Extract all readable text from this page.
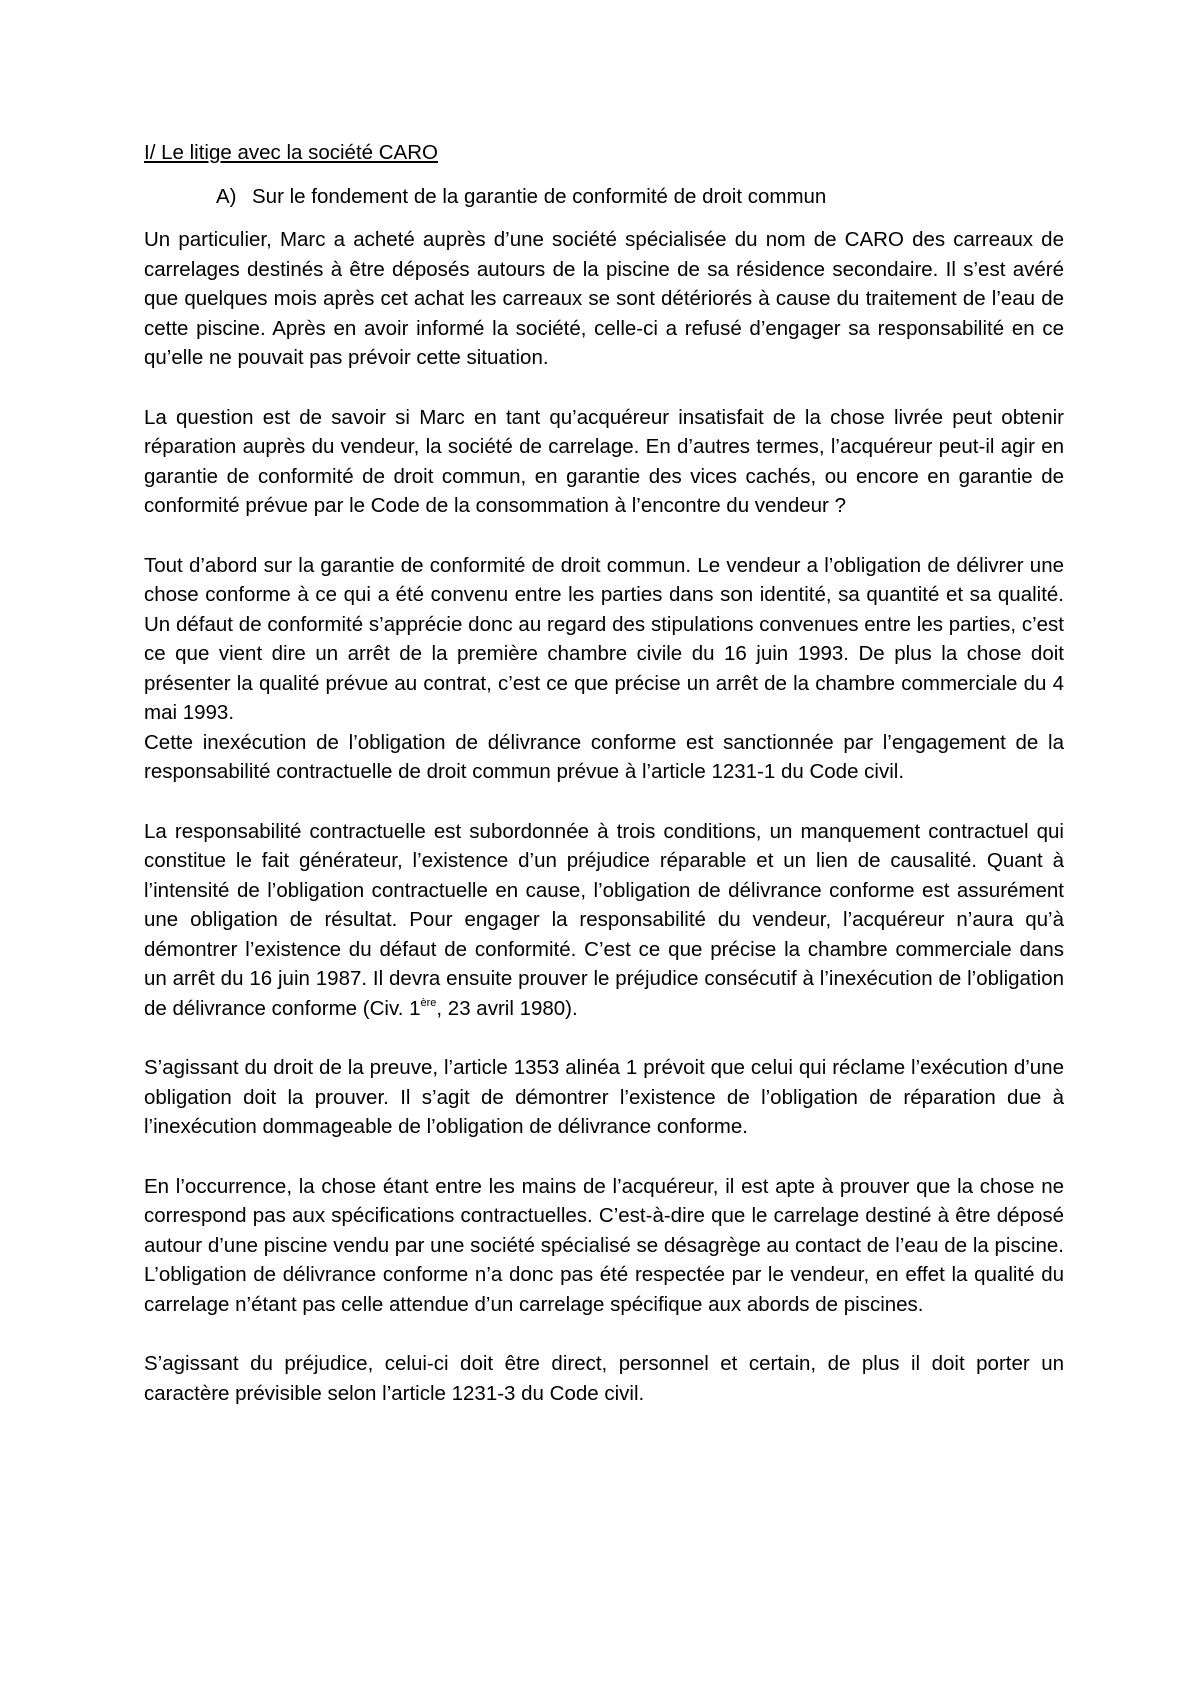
I/ Le litige avec la société CARO
A) Sur le fondement de la garantie de conformité de droit commun

Un particulier, Marc a acheté auprès d’une société spécialisée du nom de CARO des carreaux de carrelages destinés à être déposés autours de la piscine de sa résidence secondaire. Il s’est avéré que quelques mois après cet achat les carreaux se sont détériorés à cause du traitement de l’eau de cette piscine. Après en avoir informé la société, celle-ci a refusé d’engager sa responsabilité en ce qu’elle ne pouvait pas prévoir cette situation.

La question est de savoir si Marc en tant qu’acquéreur insatisfait de la chose livrée peut obtenir réparation auprès du vendeur, la société de carrelage. En d’autres termes, l’acquéreur peut-il agir en garantie de conformité de droit commun, en garantie des vices cachés, ou encore en garantie de conformité prévue par le Code de la consommation à l’encontre du vendeur ?

Tout d’abord sur la garantie de conformité de droit commun. Le vendeur a l’obligation de délivrer une chose conforme à ce qui a été convenu entre les parties dans son identité, sa quantité et sa qualité. Un défaut de conformité s’apprécie donc au regard des stipulations convenues entre les parties, c’est ce que vient dire un arrêt de la première chambre civile du 16 juin 1993. De plus la chose doit présenter la qualité prévue au contrat, c’est ce que précise un arrêt de la chambre commerciale du 4 mai 1993.

Cette inexécution de l’obligation de délivrance conforme est sanctionnée par l’engagement de la responsabilité contractuelle de droit commun prévue à l’article 1231-1 du Code civil.

La responsabilité contractuelle est subordonnée à trois conditions, un manquement contractuel qui constitue le fait générateur, l’existence d’un préjudice réparable et un lien de causalité. Quant à l’intensité de l’obligation contractuelle en cause, l’obligation de délivrance conforme est assurément une obligation de résultat. Pour engager la responsabilité du vendeur, l’acquéreur n’aura qu’à démontrer l’existence du défaut de conformité. C’est ce que précise la chambre commerciale dans un arrêt du 16 juin 1987. Il devra ensuite prouver le préjudice consécutif à l’inexécution de l’obligation de délivrance conforme (Civ. 1ère, 23 avril 1980).

S’agissant du droit de la preuve, l’article 1353 alinéa 1 prévoit que celui qui réclame l’exécution d’une obligation doit la prouver. Il s’agit de démontrer l’existence de l’obligation de réparation due à l’inexécution dommageable de l’obligation de délivrance conforme.

En l’occurrence, la chose étant entre les mains de l’acquéreur, il est apte à prouver que la chose ne correspond pas aux spécifications contractuelles. C’est-à-dire que le carrelage destiné à être déposé autour d’une piscine vendu par une société spécialisé se désagrège au contact de l’eau de la piscine. L’obligation de délivrance conforme n’a donc pas été respectée par le vendeur, en effet la qualité du carrelage n’étant pas celle attendue d’un carrelage spécifique aux abords de piscines.

S’agissant du préjudice, celui-ci doit être direct, personnel et certain, de plus il doit porter un caractère prévisible selon l’article 1231-3 du Code civil.
